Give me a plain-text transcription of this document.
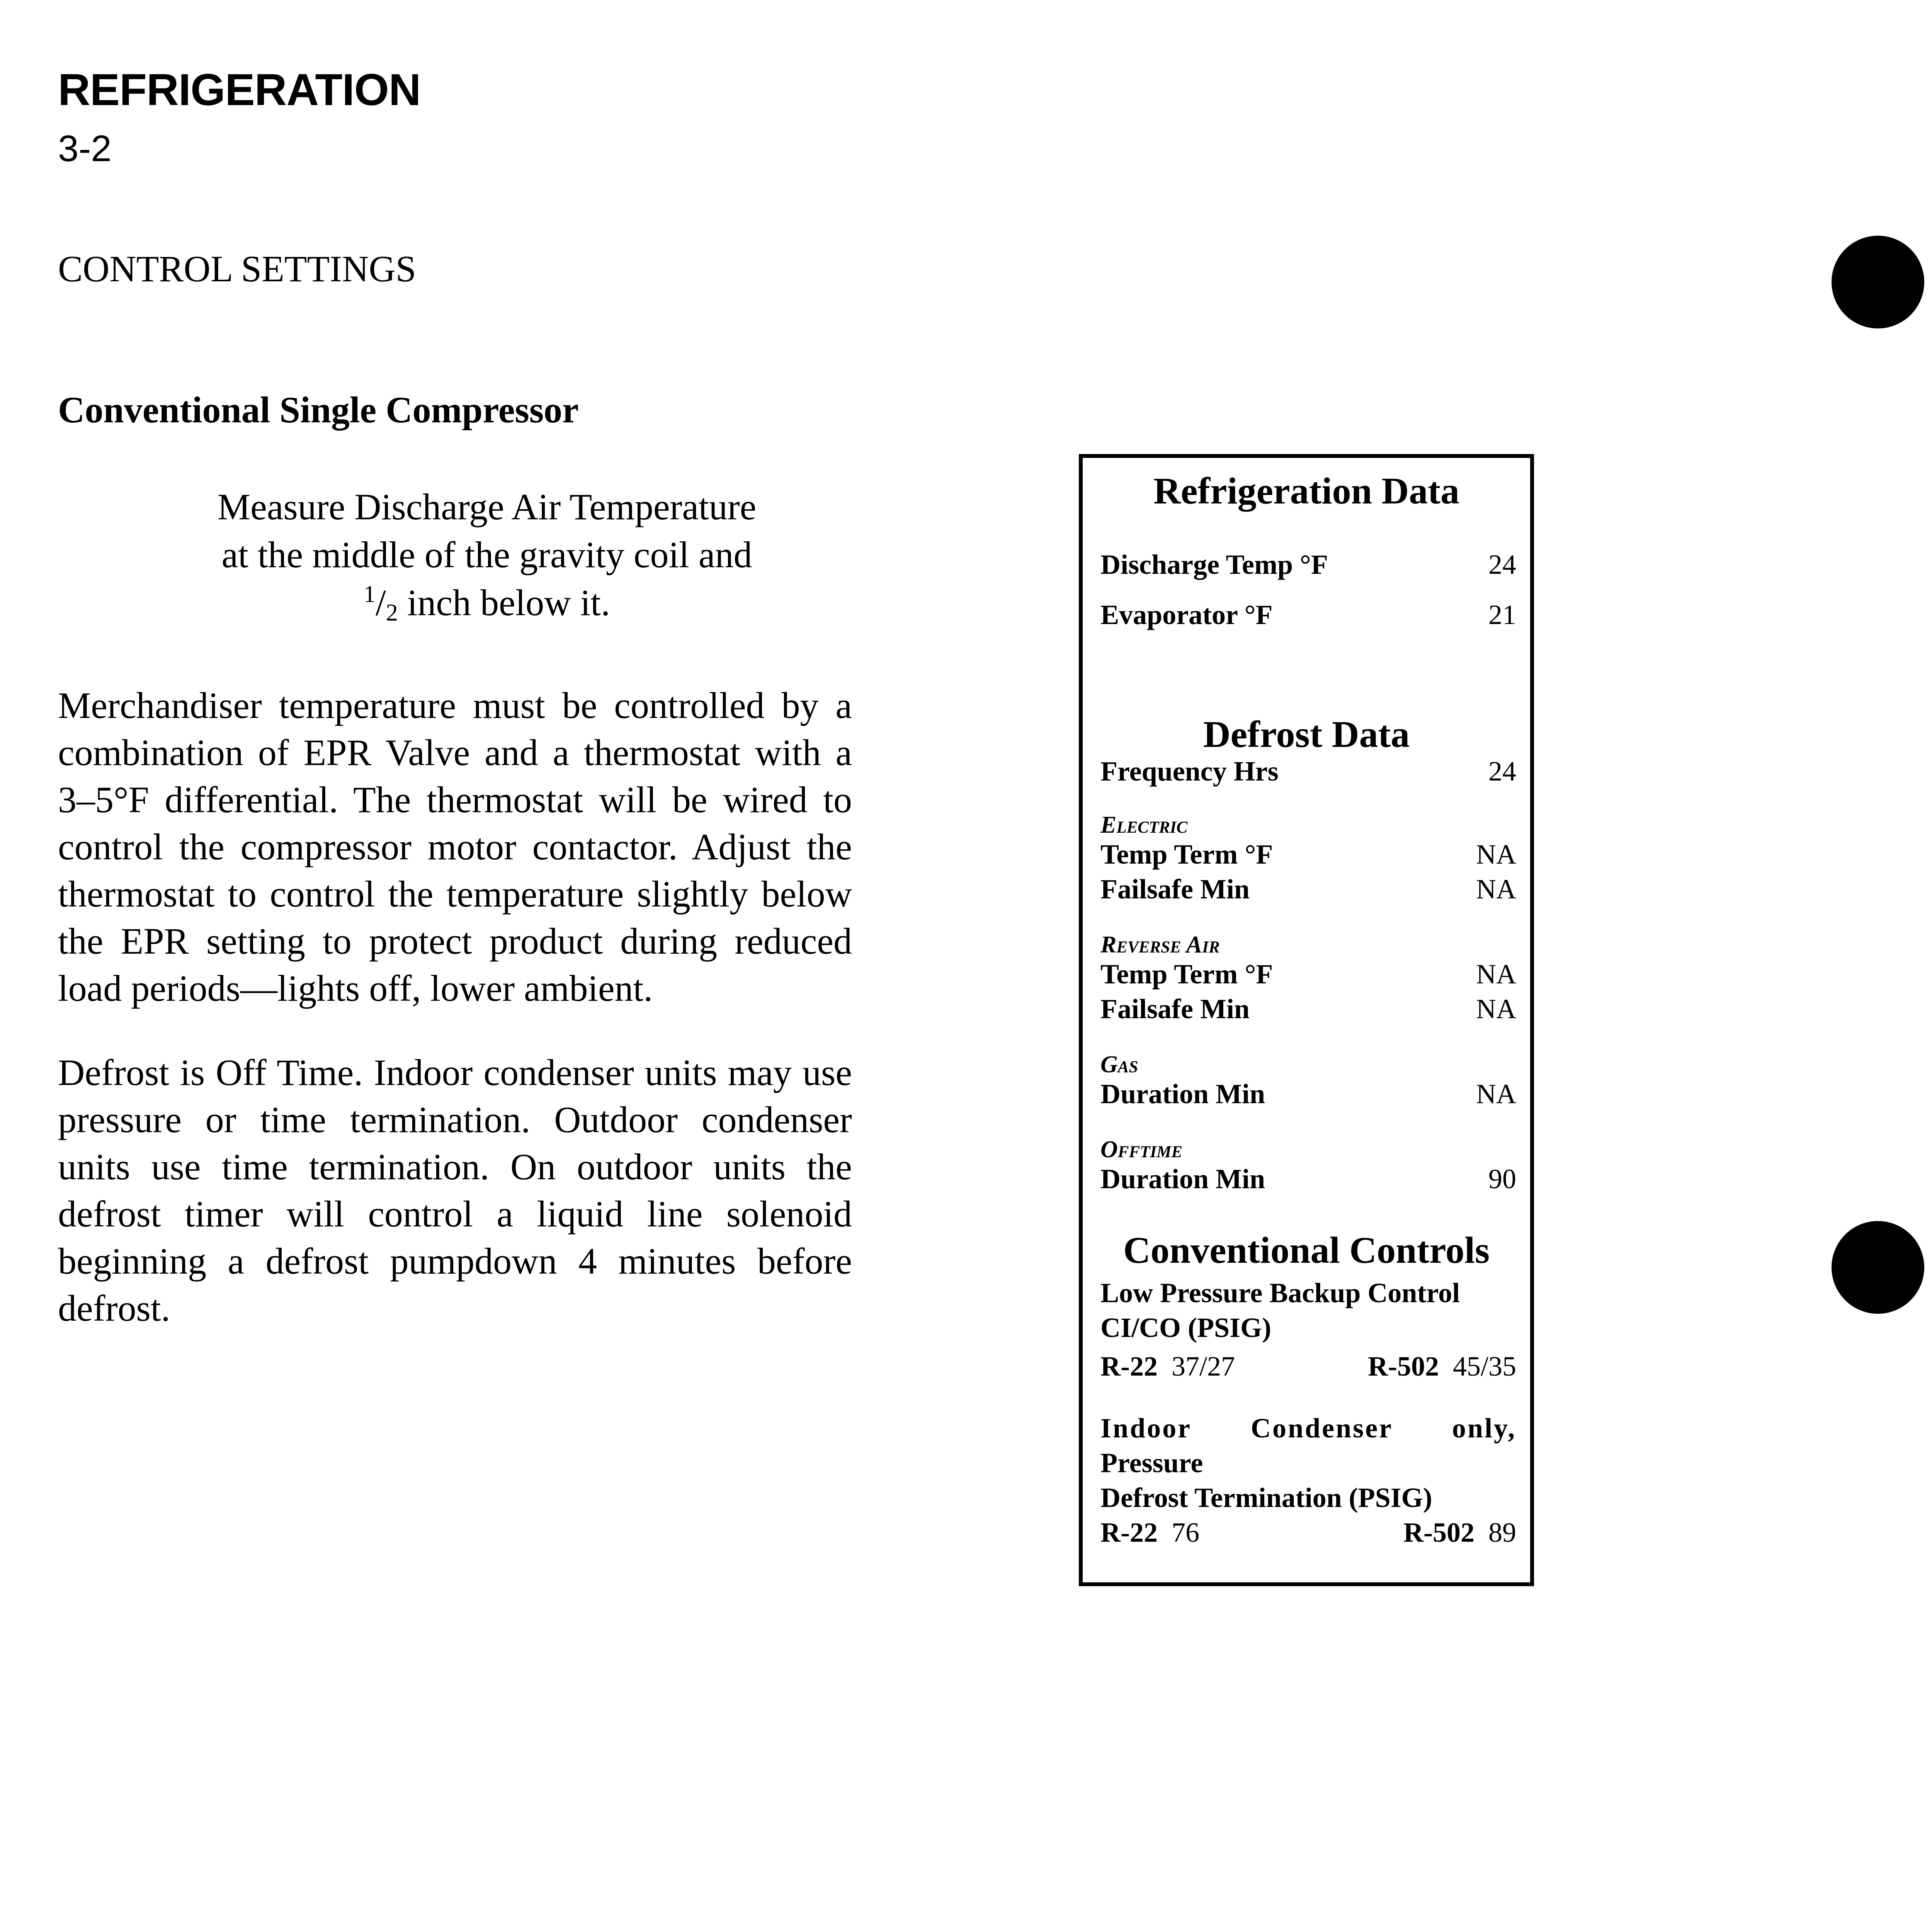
REFRIGERATION
3-2
CONTROL SETTINGS
Conventional Single Compressor
Measure Discharge Air Temperature
at the middle of the gravity coil and
$^1$/2 inch below it.
Merchandiser temperature must be controlled by a combination of EPR Valve and a thermostat with a 3–5°F differential. The thermostat will be wired to control the compressor motor contactor. Adjust the thermostat to control the temperature slightly below the EPR setting to protect product during reduced load periods—lights off, lower ambient.
Defrost is Off Time. Indoor condenser units may use pressure or time termination. Outdoor condenser units use time termination. On outdoor units the defrost timer will control a liquid line solenoid beginning a defrost pumpdown 4 minutes before defrost.
Refrigeration Data
Discharge Temp °F	24
Evaporator °F	21
Defrost Data
Frequency Hrs	24
Electric
Temp Term °F	NA
Failsafe Min	NA
Reverse Air
Temp Term °F	NA
Failsafe Min	NA
Gas
Duration Min	NA
Offtime
Duration Min	90
Conventional Controls
Low Pressure Backup Control
CI/CO (PSIG)
R-22 37/27	R-502 45/35
Indoor Condenser only,
Pressure
Defrost Termination (PSIG)
R-22 76	R-502 89
